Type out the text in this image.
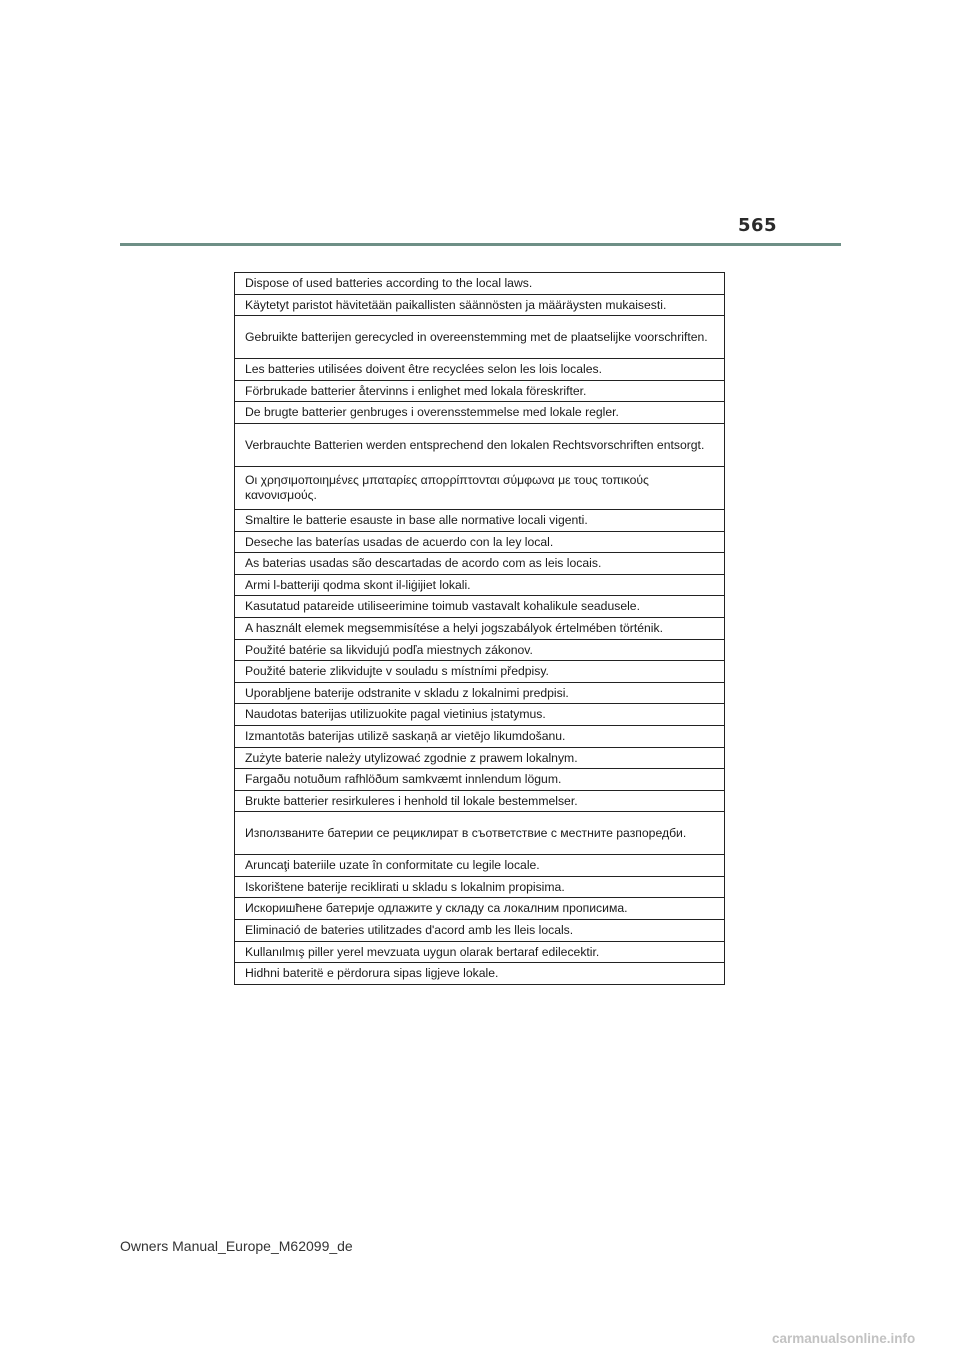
565
Dispose of used batteries according to the local laws.
Käytetyt paristot hävitetään paikallisten säännösten ja määräysten mukaisesti.
Gebruikte batterijen gerecycled in overeenstemming met de plaatselijke voorschriften.
Les batteries utilisées doivent être recyclées selon les lois locales.
Förbrukade batterier återvinns i enlighet med lokala föreskrifter.
De brugte batterier genbruges i overensstemmelse med lokale regler.
Verbrauchte Batterien werden entsprechend den lokalen Rechtsvorschriften entsorgt.
Οι χρησιμοποιημένες μπαταρίες απορρίπτονται σύμφωνα με τους τοπικούς κανονισμούς.
Smaltire le batterie esauste in base alle normative locali vigenti.
Deseche las baterías usadas de acuerdo con la ley local.
As baterias usadas são descartadas de acordo com as leis locais.
Armi l-batteriji qodma skont il-liġijiet lokali.
Kasutatud patareide utiliseerimine toimub vastavalt kohalikule seadusele.
A használt elemek megsemmisítése a helyi jogszabályok értelmében történik.
Použité batérie sa likvidujú podľa miestnych zákonov.
Použité baterie zlikvidujte v souladu s místními předpisy.
Uporabljene baterije odstranite v skladu z lokalnimi predpisi.
Naudotas baterijas utilizuokite pagal vietinius įstatymus.
Izmantotās baterijas utilizē saskaņā ar vietējo likumdošanu.
Zużyte baterie należy utylizować zgodnie z prawem lokalnym.
Fargaðu notuðum rafhlöðum samkvæmt innlendum lögum.
Brukte batterier resirkuleres i henhold til lokale bestemmelser.
Използваните батерии се рециклират в съответствие с местните разпоредби.
Aruncaţi bateriile uzate în conformitate cu legile locale.
Iskorištene baterije reciklirati u skladu s lokalnim propisima.
Искоришћене батерије одлажите у складу са локалним прописима.
Eliminació de bateries utilitzades d'acord amb les lleis locals.
Kullanılmış piller yerel mevzuata uygun olarak bertaraf edilecektir.
Hidhni bateritë e përdorura sipas ligjeve lokale.
Owners Manual_Europe_M62099_de
carmanualsonline.info
